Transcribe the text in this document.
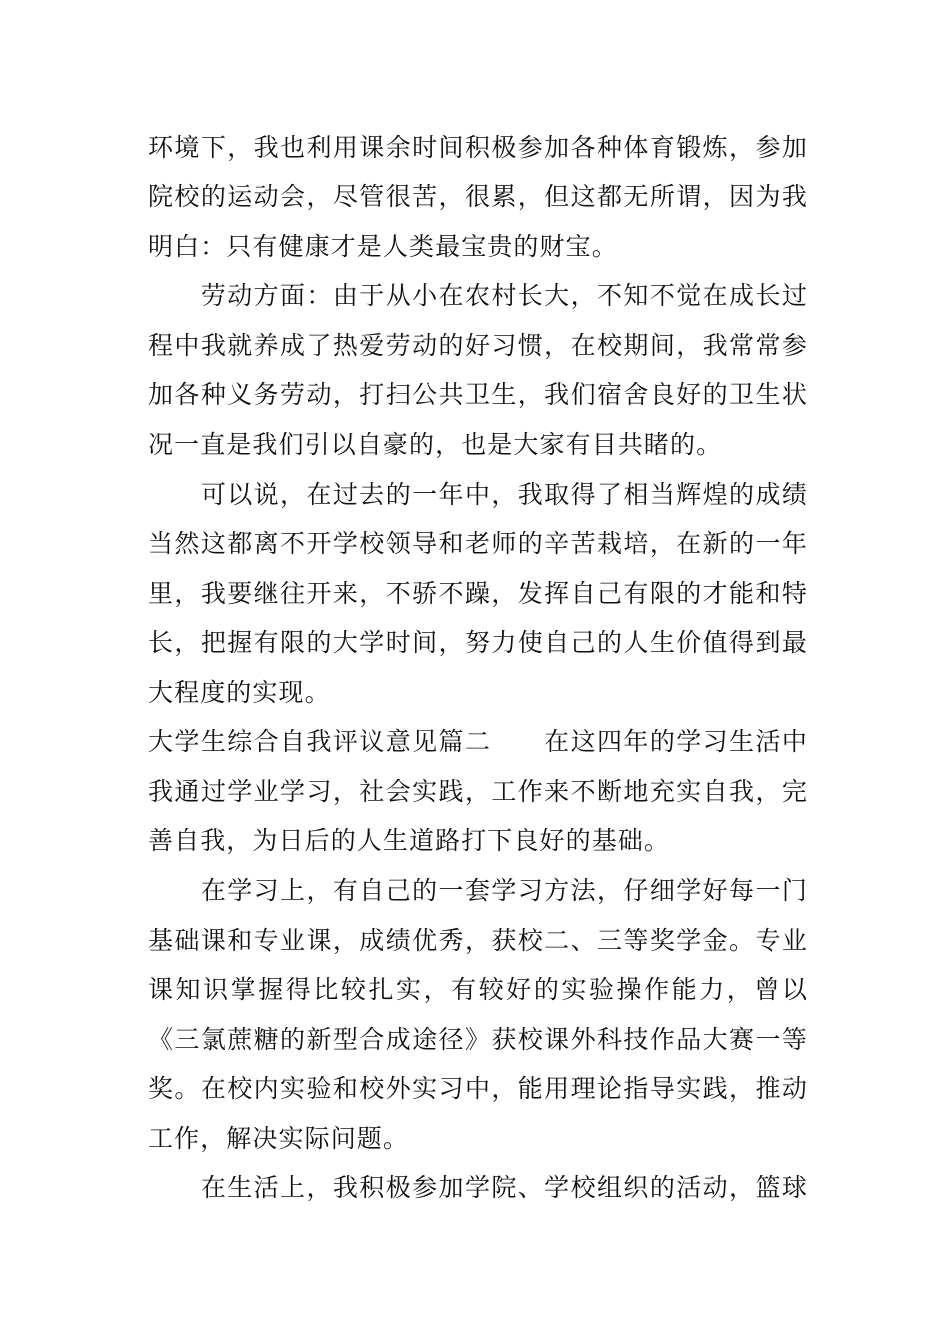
环境下，我也利用课余时间积极参加各种体育锻炼，参加
院校的运动会，尽管很苦，很累，但这都无所谓，因为我
明白：只有健康才是人类最宝贵的财宝。
　　劳动方面：由于从小在农村长大，不知不觉在成长过
程中我就养成了热爱劳动的好习惯，在校期间，我常常参
加各种义务劳动，打扫公共卫生，我们宿舍良好的卫生状
况一直是我们引以自豪的，也是大家有目共睹的。
　　可以说，在过去的一年中，我取得了相当辉煌的成绩
当然这都离不开学校领导和老师的辛苦栽培，在新的一年
里，我要继往开来，不骄不躁，发挥自己有限的才能和特
长，把握有限的大学时间，努力使自己的人生价值得到最
大程度的实现。
大学生综合自我评议意见篇二　　在这四年的学习生活中
我通过学业学习，社会实践，工作来不断地充实自我，完
善自我，为日后的人生道路打下良好的基础。
　　在学习上，有自己的一套学习方法，仔细学好每一门
基础课和专业课，成绩优秀，获校二、三等奖学金。专业
课知识掌握得比较扎实，有较好的实验操作能力，曾以
《三氯蔗糖的新型合成途径》获校课外科技作品大赛一等
奖。在校内实验和校外实习中，能用理论指导实践，推动
工作，解决实际问题。
　　在生活上，我积极参加学院、学校组织的活动，篮球
